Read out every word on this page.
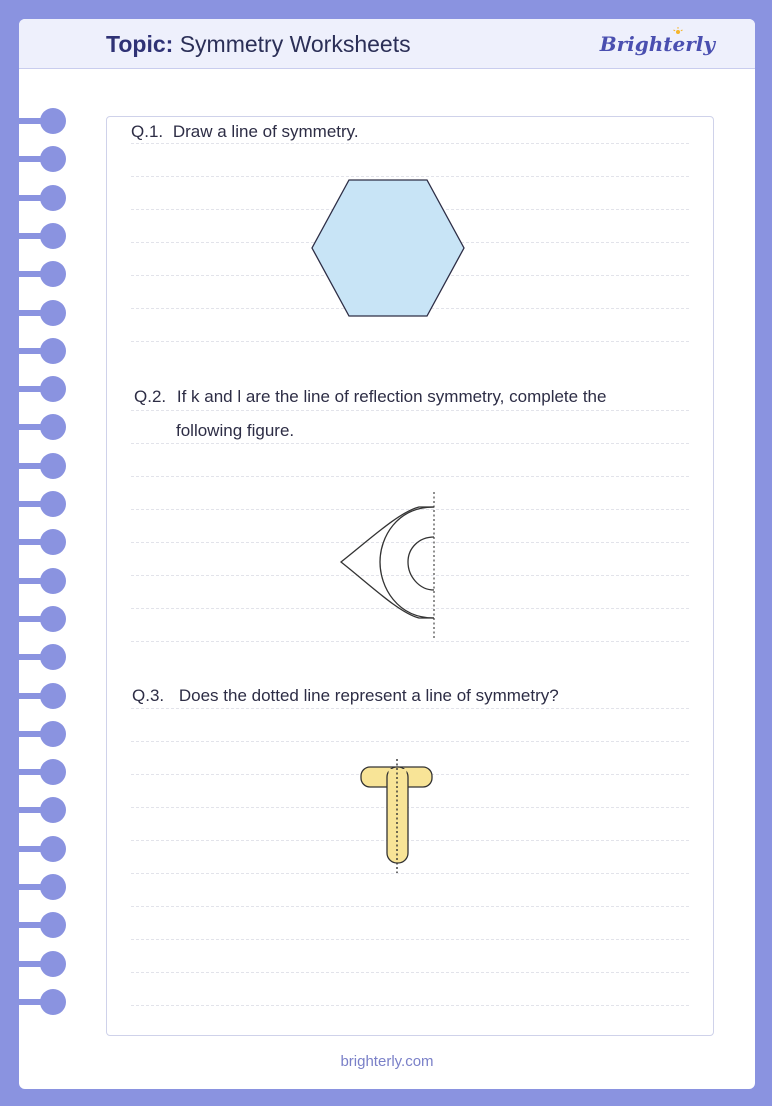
Topic: Symmetry Worksheets	Brighterly
Q.1. Draw a line of symmetry.
Q.2. If k and l are the line of reflection symmetry, complete the
following figure.
Q.3. Does the dotted line represent a line of symmetry?
brighterly.com
